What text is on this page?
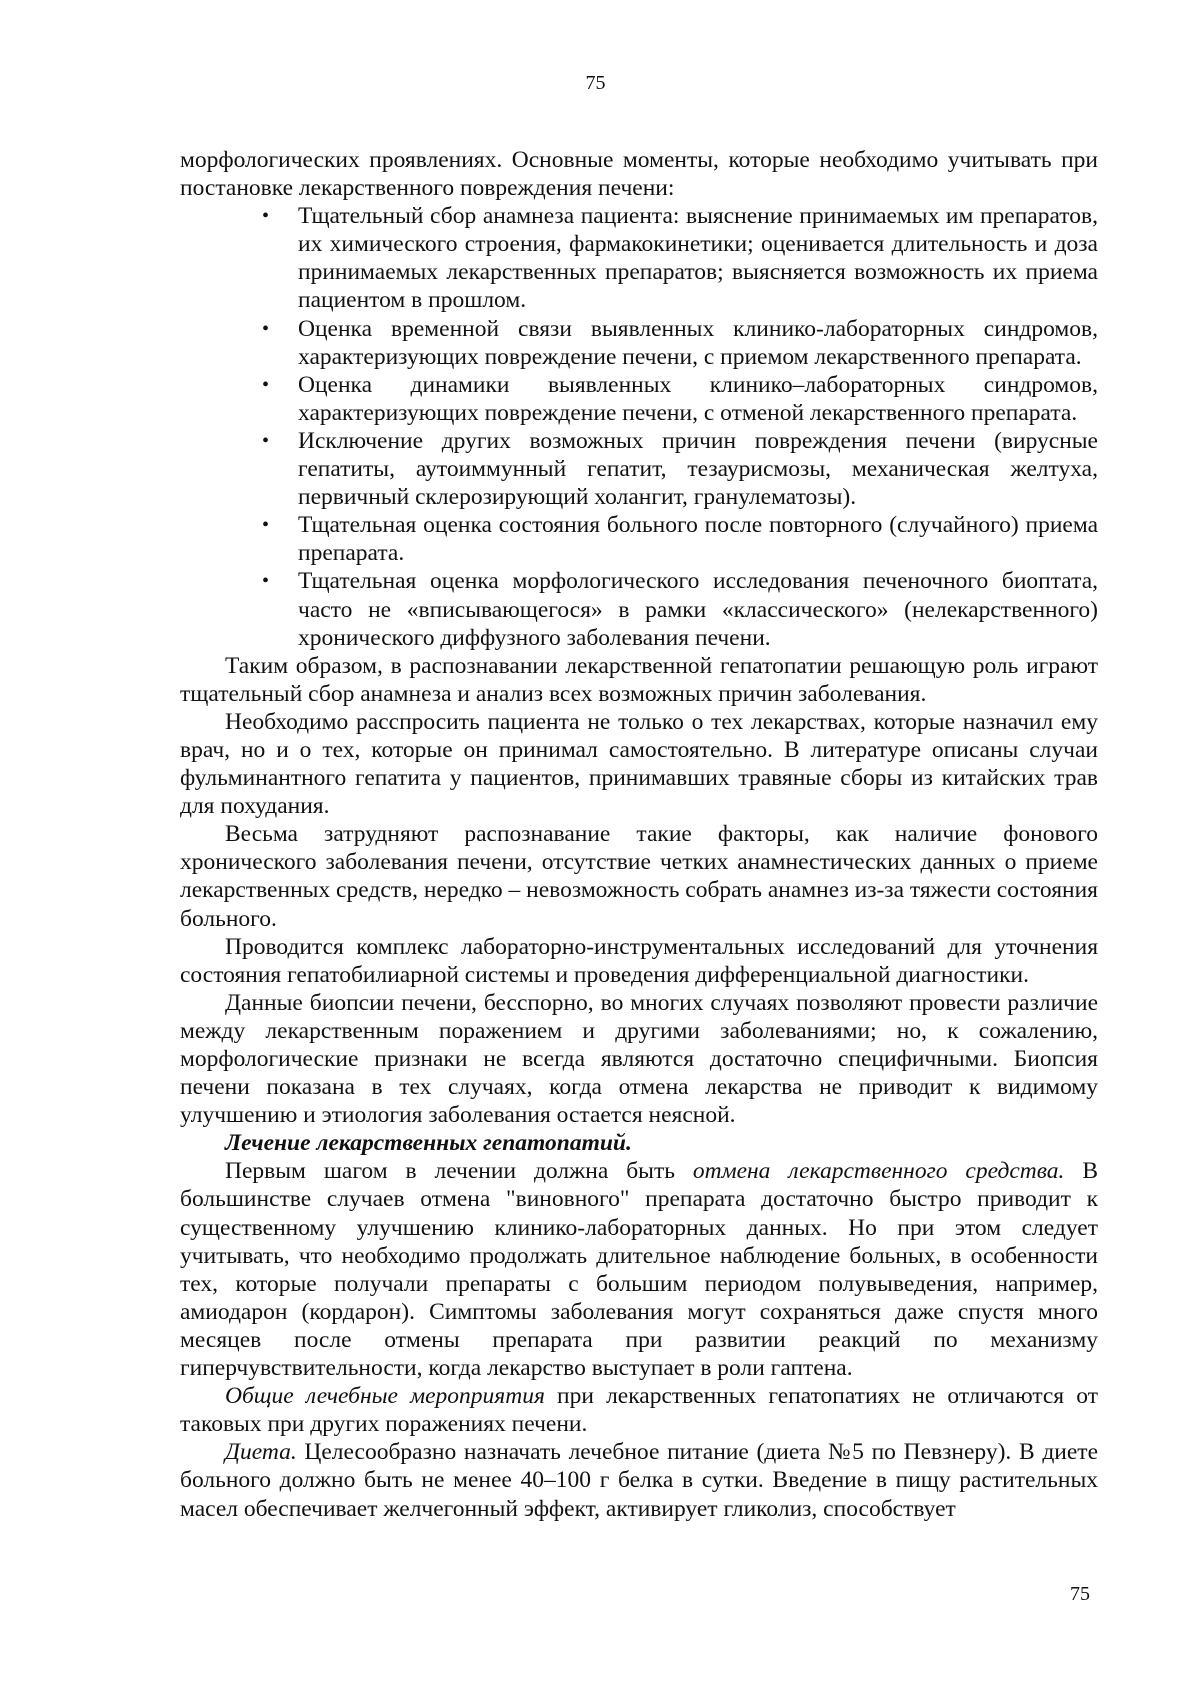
75

морфологических проявлениях. Основные моменты, которые необходимо учитывать при постановке лекарственного повреждения печени:

• Тщательный сбор анамнеза пациента: выяснение принимаемых им препаратов, их химического строения, фармакокинетики; оценивается длительность и доза принимаемых лекарственных препаратов; выясняется возможность их приема пациентом в прошлом.
• Оценка временной связи выявленных клинико-лабораторных синдромов, характеризующих повреждение печени, с приемом лекарственного препарата.
• Оценка динамики выявленных клинико–лабораторных синдромов, характеризующих повреждение печени, с отменой лекарственного препарата.
• Исключение других возможных причин повреждения печени (вирусные гепатиты, аутоиммунный гепатит, тезаурисмозы, механическая желтуха, первичный склерозирующий холангит, гранулематозы).
• Тщательная оценка состояния больного после повторного (случайного) приема препарата.
• Тщательная оценка морфологического исследования печеночного биоптата, часто не «вписывающегося» в рамки «классического» (нелекарственного) хронического диффузного заболевания печени.

Таким образом, в распознавании лекарственной гепатопатии решающую роль играют тщательный сбор анамнеза и анализ всех возможных причин заболевания.

Необходимо расспросить пациента не только о тех лекарствах, которые назначил ему врач, но и о тех, которые он принимал самостоятельно. В литературе описаны случаи фульминантного гепатита у пациентов, принимавших травяные сборы из китайских трав для похудания.

Весьма затрудняют распознавание такие факторы, как наличие фонового хронического заболевания печени, отсутствие четких анамнестических данных о приеме лекарственных средств, нередко – невозможность собрать анамнез из-за тяжести состояния больного.

Проводится комплекс лабораторно-инструментальных исследований для уточнения состояния гепатобилиарной системы и проведения дифференциальной диагностики.

Данные биопсии печени, бесспорно, во многих случаях позволяют провести различие между лекарственным поражением и другими заболеваниями; но, к сожалению, морфологические признаки не всегда являются достаточно специфичными. Биопсия печени показана в тех случаях, когда отмена лекарства не приводит к видимому улучшению и этиология заболевания остается неясной.

Лечение лекарственных гепатопатий.

Первым шагом в лечении должна быть отмена лекарственного средства. В большинстве случаев отмена "виновного" препарата достаточно быстро приводит к существенному улучшению клинико-лабораторных данных. Но при этом следует учитывать, что необходимо продолжать длительное наблюдение больных, в особенности тех, которые получали препараты с большим периодом полувыведения, например, амиодарон (кордарон). Симптомы заболевания могут сохраняться даже спустя много месяцев после отмены препарата при развитии реакций по механизму гиперчувствительности, когда лекарство выступает в роли гаптена.

Общие лечебные мероприятия при лекарственных гепатопатиях не отличаются от таковых при других поражениях печени.

Диета. Целесообразно назначать лечебное питание (диета №5 по Певзнеру). В диете больного должно быть не менее 40–100 г белка в сутки. Введение в пищу растительных масел обеспечивает желчегонный эффект, активирует гликолиз, способствует

75
